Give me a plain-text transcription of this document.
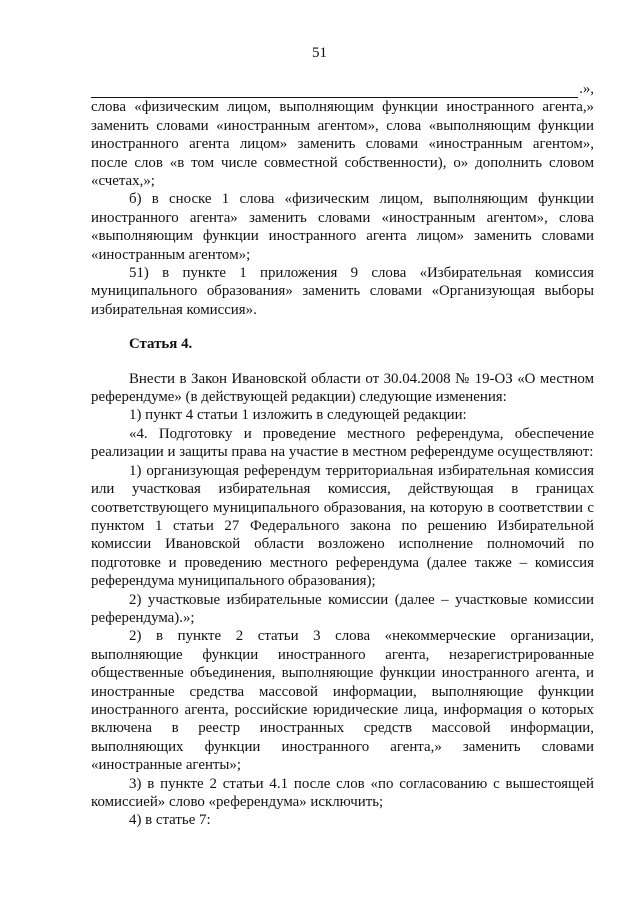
51
.»,

слова «физическим лицом, выполняющим функции иностранного агента,» заменить словами «иностранным агентом», слова «выполняющим функции иностранного агента лицом» заменить словами «иностранным агентом», после слов «в том числе совместной собственности), о» дополнить словом «счетах,»;

б) в сноске 1 слова «физическим лицом, выполняющим функции иностранного агента» заменить словами «иностранным агентом», слова «выполняющим функции иностранного агента лицом» заменить словами «иностранным агентом»;

51) в пункте 1 приложения 9 слова «Избирательная комиссия муниципального образования» заменить словами «Организующая выборы избирательная комиссия».

Статья 4.

Внести в Закон Ивановской области от 30.04.2008 № 19-ОЗ «О местном референдуме» (в действующей редакции) следующие изменения:

1) пункт 4 статьи 1 изложить в следующей редакции:

«4. Подготовку и проведение местного референдума, обеспечение реализации и защиты права на участие в местном референдуме осуществляют:

1) организующая референдум территориальная избирательная комиссия или участковая избирательная комиссия, действующая в границах соответствующего муниципального образования, на которую в соответствии с пунктом 1 статьи 27 Федерального закона по решению Избирательной комиссии Ивановской области возложено исполнение полномочий по подготовке и проведению местного референдума (далее также – комиссия референдума муниципального образования);

2) участковые избирательные комиссии (далее – участковые комиссии референдума).»;

2) в пункте 2 статьи 3 слова «некоммерческие организации, выполняющие функции иностранного агента, незарегистрированные общественные объединения, выполняющие функции иностранного агента, и иностранные средства массовой информации, выполняющие функции иностранного агента, российские юридические лица, информация о которых включена в реестр иностранных средств массовой информации, выполняющих функции иностранного агента,» заменить словами «иностранные агенты»;

3) в пункте 2 статьи 4.1 после слов «по согласованию с вышестоящей комиссией» слово «референдума» исключить;

4) в статье 7:
